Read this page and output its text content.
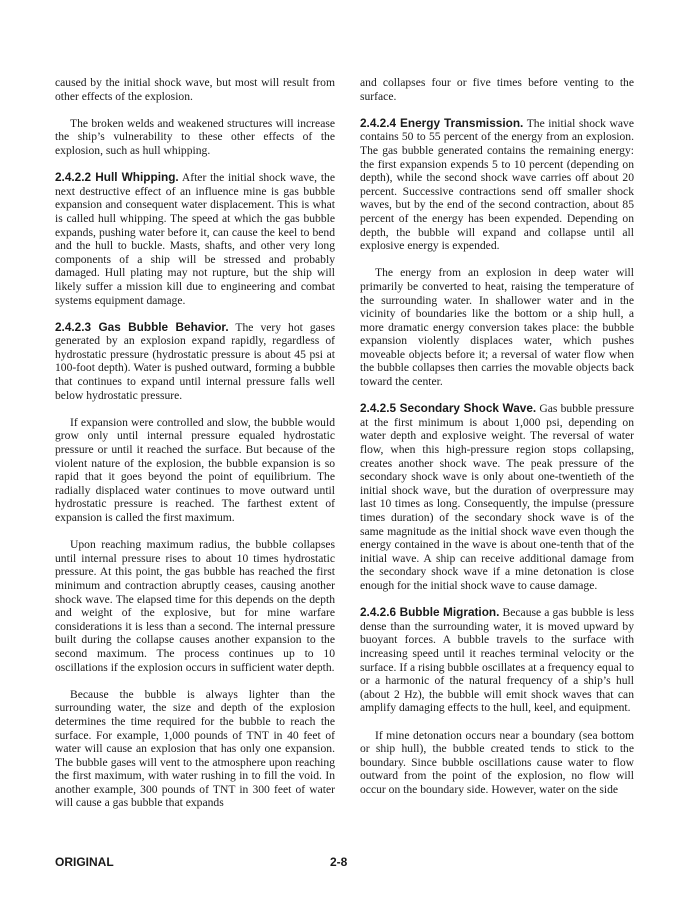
caused by the initial shock wave, but most will result from other effects of the explosion.

The broken welds and weakened structures will increase the ship’s vulnerability to these other effects of the explosion, such as hull whipping.

2.4.2.2 Hull Whipping. After the initial shock wave, the next destructive effect of an influence mine is gas bubble expansion and consequent water displacement. This is what is called hull whipping. The speed at which the gas bubble expands, pushing water before it, can cause the keel to bend and the hull to buckle. Masts, shafts, and other very long components of a ship will be stressed and probably damaged. Hull plating may not rupture, but the ship will likely suffer a mission kill due to engineering and combat systems equipment damage.

2.4.2.3 Gas Bubble Behavior. The very hot gases generated by an explosion expand rapidly, regardless of hydrostatic pressure (hydrostatic pressure is about 45 psi at 100-foot depth). Water is pushed outward, forming a bubble that continues to expand until internal pressure falls well below hydrostatic pressure.

If expansion were controlled and slow, the bubble would grow only until internal pressure equaled hydrostatic pressure or until it reached the surface. But because of the violent nature of the explosion, the bubble expansion is so rapid that it goes beyond the point of equilibrium. The radially displaced water continues to move outward until hydrostatic pressure is reached. The farthest extent of expansion is called the first maximum.

Upon reaching maximum radius, the bubble collapses until internal pressure rises to about 10 times hydrostatic pressure. At this point, the gas bubble has reached the first minimum and contraction abruptly ceases, causing another shock wave. The elapsed time for this depends on the depth and weight of the explosive, but for mine warfare considerations it is less than a second. The internal pressure built during the collapse causes another expansion to the second maximum. The process continues up to 10 oscillations if the explosion occurs in sufficient water depth.

Because the bubble is always lighter than the surrounding water, the size and depth of the explosion determines the time required for the bubble to reach the surface. For example, 1,000 pounds of TNT in 40 feet of water will cause an explosion that has only one expansion. The bubble gases will vent to the atmosphere upon reaching the first maximum, with water rushing in to fill the void. In another example, 300 pounds of TNT in 300 feet of water will cause a gas bubble that expands

and collapses four or five times before venting to the surface.

2.4.2.4 Energy Transmission. The initial shock wave contains 50 to 55 percent of the energy from an explosion. The gas bubble generated contains the remaining energy: the first expansion expends 5 to 10 percent (depending on depth), while the second shock wave carries off about 20 percent. Successive contractions send off smaller shock waves, but by the end of the second contraction, about 85 percent of the energy has been expended. Depending on depth, the bubble will expand and collapse until all explosive energy is expended.

The energy from an explosion in deep water will primarily be converted to heat, raising the temperature of the surrounding water. In shallower water and in the vicinity of boundaries like the bottom or a ship hull, a more dramatic energy conversion takes place: the bubble expansion violently displaces water, which pushes moveable objects before it; a reversal of water flow when the bubble collapses then carries the movable objects back toward the center.

2.4.2.5 Secondary Shock Wave. Gas bubble pressure at the first minimum is about 1,000 psi, depending on water depth and explosive weight. The reversal of water flow, when this high-pressure region stops collapsing, creates another shock wave. The peak pressure of the secondary shock wave is only about one-twentieth of the initial shock wave, but the duration of overpressure may last 10 times as long. Consequently, the impulse (pressure times duration) of the secondary shock wave is of the same magnitude as the initial shock wave even though the energy contained in the wave is about one-tenth that of the initial wave. A ship can receive additional damage from the secondary shock wave if a mine detonation is close enough for the initial shock wave to cause damage.

2.4.2.6 Bubble Migration. Because a gas bubble is less dense than the surrounding water, it is moved upward by buoyant forces. A bubble travels to the surface with increasing speed until it reaches terminal velocity or the surface. If a rising bubble oscillates at a frequency equal to or a harmonic of the natural frequency of a ship’s hull (about 2 Hz), the bubble will emit shock waves that can amplify damaging effects to the hull, keel, and equipment.

If mine detonation occurs near a boundary (sea bottom or ship hull), the bubble created tends to stick to the boundary. Since bubble oscillations cause water to flow outward from the point of the explosion, no flow will occur on the boundary side. However, water on the side

ORIGINAL	2-8
